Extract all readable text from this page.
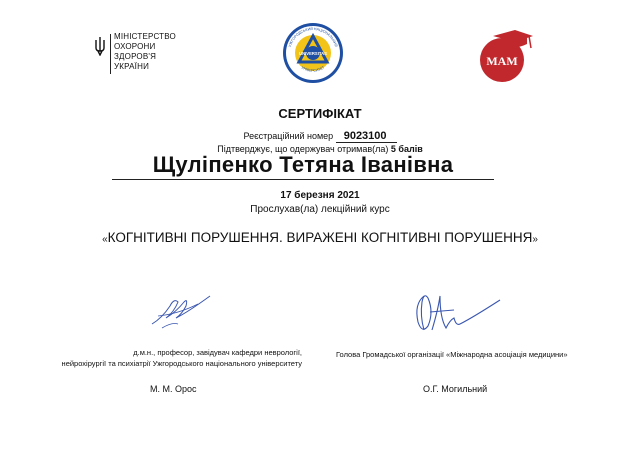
МІНІСТЕРСТВО
ОХОРОНИ
ЗДОРОВ'Я
УКРАЇНИ
УЖГОРОДСЬКИЙ НАЦІОНАЛЬНИЙ
UNIVERSITAS
УНІВЕРСИТЕТ	МАМ
СЕРТИФІКАТ
Реєстраційний номер 9023100
Підтверджує, що одержувач отримав(ла) 5 балів
Щуліпенко Тетяна Іванівна
17 березня 2021
Прослухав(ла) лекційний курс
«КОГНІТИВНІ ПОРУШЕННЯ. ВИРАЖЕНІ КОГНІТИВНІ ПОРУШЕННЯ»
д.м.н., професор, завідувач кафедри неврології,
нейрохірургії та психіатрії Ужгородського національного університету
Голова Громадської організації «Міжнародна асоціація медицини»
М. М. Орос	О.Г. Могильний
